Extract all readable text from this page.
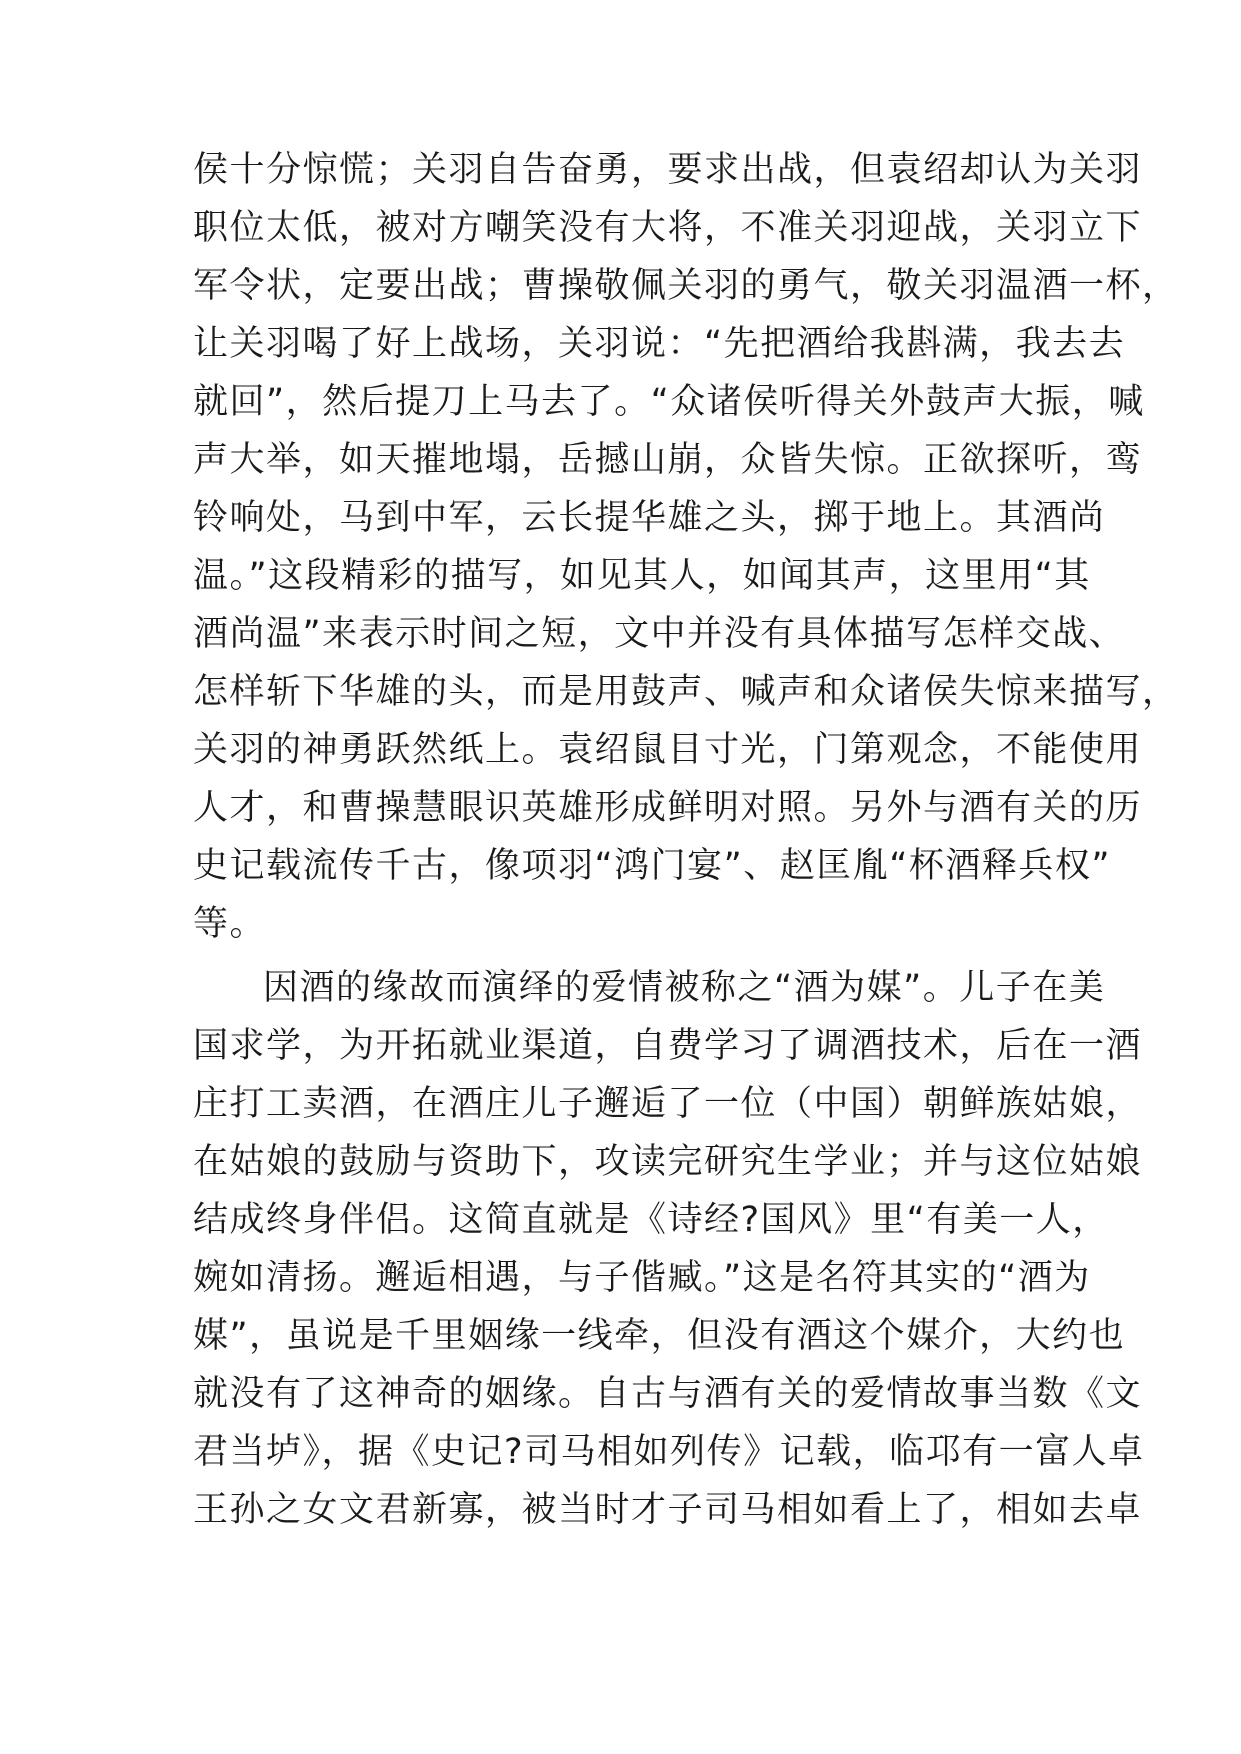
侯十分惊慌；关羽自告奋勇，要求出战，但袁绍却认为关羽
职位太低，被对方嘲笑没有大将，不准关羽迎战，关羽立下
军令状，定要出战；曹操敬佩关羽的勇气，敬关羽温酒一杯，
让关羽喝了好上战场，关羽说：“先把酒给我斟满，我去去
就回”，然后提刀上马去了。“众诸侯听得关外鼓声大振，喊
声大举，如天摧地塌，岳撼山崩，众皆失惊。正欲探听，鸾
铃响处，马到中军，云长提华雄之头，掷于地上。其酒尚
温。”这段精彩的描写，如见其人，如闻其声，这里用“其
酒尚温”来表示时间之短，文中并没有具体描写怎样交战、
怎样斩下华雄的头，而是用鼓声、喊声和众诸侯失惊来描写，
关羽的神勇跃然纸上。袁绍鼠目寸光，门第观念，不能使用
人才，和曹操慧眼识英雄形成鲜明对照。另外与酒有关的历
史记载流传千古，像项羽“鸿门宴”、赵匡胤“杯酒释兵权”
等。
因酒的缘故而演绎的爱情被称之“酒为媒”。儿子在美
国求学，为开拓就业渠道，自费学习了调酒技术，后在一酒
庄打工卖酒，在酒庄儿子邂逅了一位（中国）朝鲜族姑娘，
在姑娘的鼓励与资助下，攻读完研究生学业；并与这位姑娘
结成终身伴侣。这简直就是《诗经?国风》里“有美一人，
婉如清扬。邂逅相遇，与子偕臧。”这是名符其实的“酒为
媒”，虽说是千里姻缘一线牵，但没有酒这个媒介，大约也
就没有了这神奇的姻缘。自古与酒有关的爱情故事当数《文
君当垆》，据《史记?司马相如列传》记载，临邛有一富人卓
王孙之女文君新寡，被当时才子司马相如看上了，相如去卓
